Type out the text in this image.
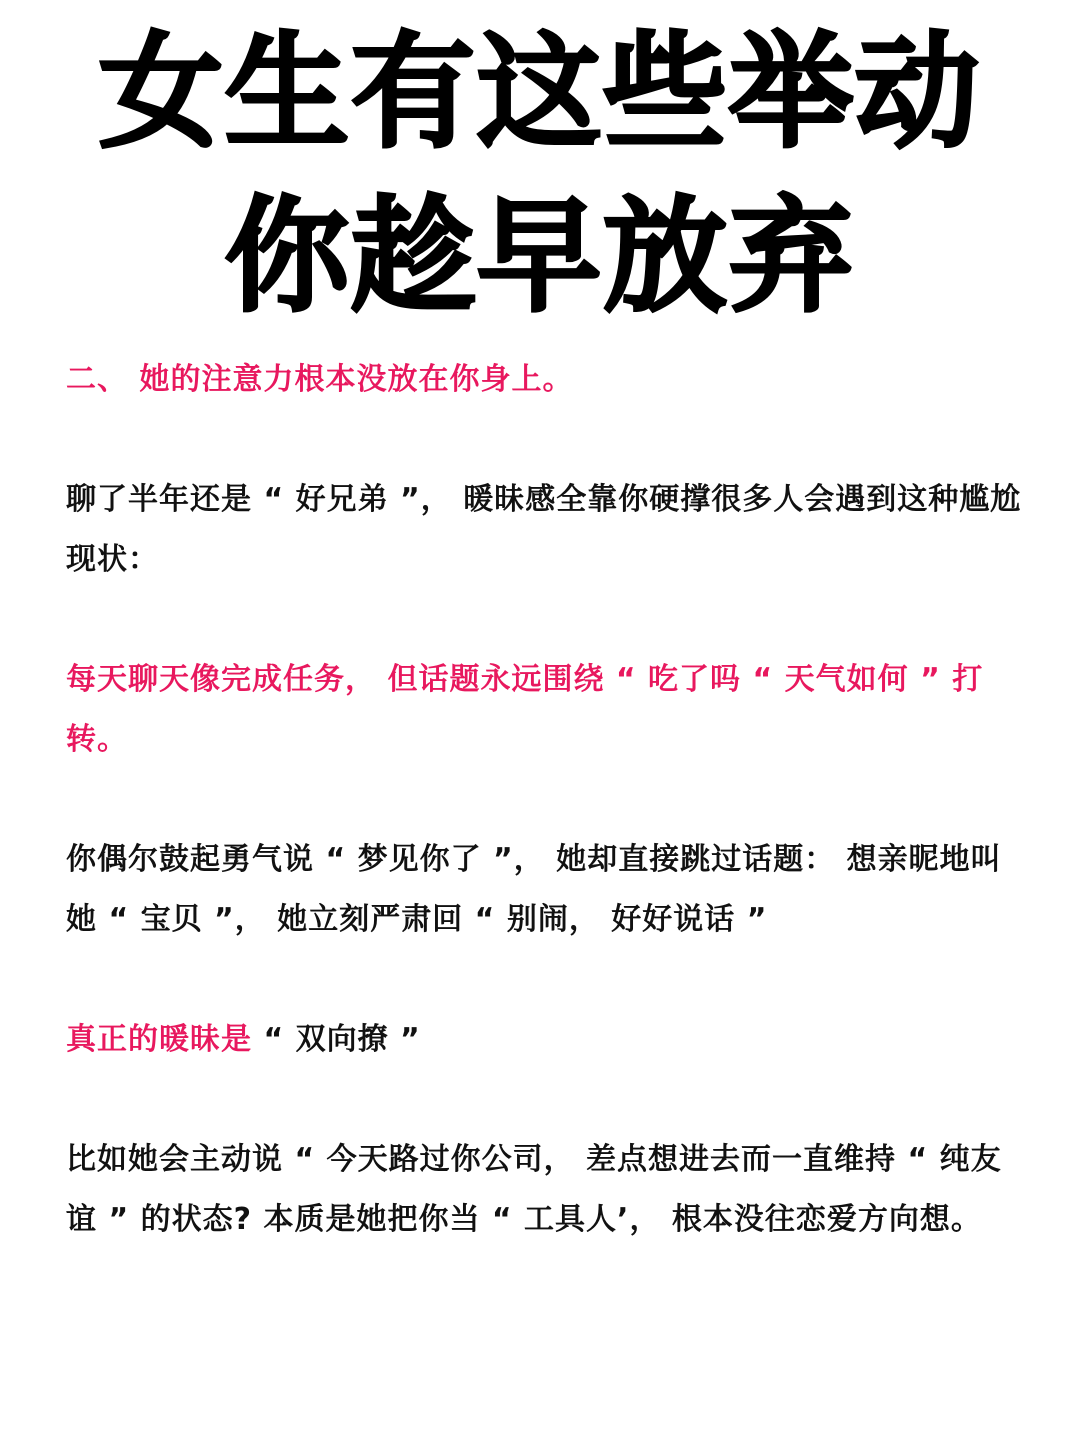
女生有这些举动
你趁早放弃
二、 她的注意力根本没放在你身上。
聊了半年还是 “ 好兄弟 ”， 暖昧感全靠你硬撑很多人会遇到这种尴尬现状：
每天聊天像完成任务， 但话题永远围绕 “ 吃了吗 “ 天气如何 ” 打转。
你偶尔鼓起勇气说 “ 梦见你了 ”， 她却直接跳过话题： 想亲昵地叫她 “ 宝贝 ”， 她立刻严肃回 “ 别闹， 好好说话 ”
真正的暖昧是 “ 双向撩 ”
比如她会主动说 “ 今天路过你公司， 差点想进去而一直维持 “ 纯友谊 ” 的状态? 本质是她把你当 “ 工具人’， 根本没往恋爱方向想。
